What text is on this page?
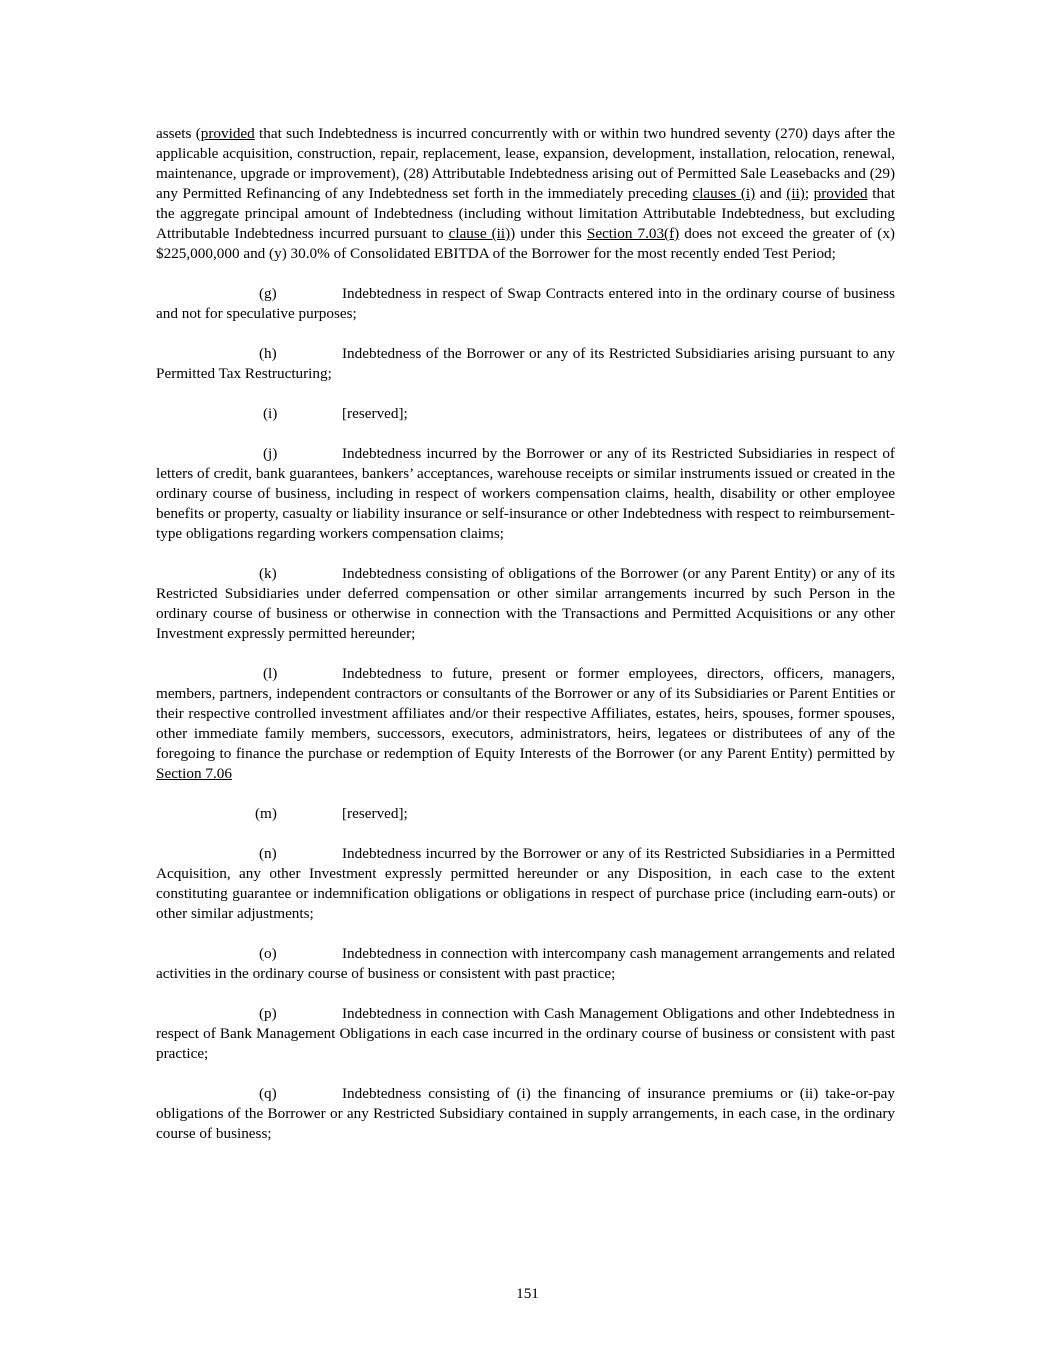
assets (provided that such Indebtedness is incurred concurrently with or within two hundred seventy (270) days after the applicable acquisition, construction, repair, replacement, lease, expansion, development, installation, relocation, renewal, maintenance, upgrade or improvement), (28) Attributable Indebtedness arising out of Permitted Sale Leasebacks and (29) any Permitted Refinancing of any Indebtedness set forth in the immediately preceding clauses (i) and (ii); provided that the aggregate principal amount of Indebtedness (including without limitation Attributable Indebtedness, but excluding Attributable Indebtedness incurred pursuant to clause (ii)) under this Section 7.03(f) does not exceed the greater of (x) $225,000,000 and (y) 30.0% of Consolidated EBITDA of the Borrower for the most recently ended Test Period;

(g)	Indebtedness in respect of Swap Contracts entered into in the ordinary course of business and not for speculative purposes;

(h)	Indebtedness of the Borrower or any of its Restricted Subsidiaries arising pursuant to any Permitted Tax Restructuring;

(i)	[reserved];

(j)	Indebtedness incurred by the Borrower or any of its Restricted Subsidiaries in respect of letters of credit, bank guarantees, bankers’ acceptances, warehouse receipts or similar instruments issued or created in the ordinary course of business, including in respect of workers compensation claims, health, disability or other employee benefits or property, casualty or liability insurance or self-insurance or other Indebtedness with respect to reimbursement-type obligations regarding workers compensation claims;

(k)	Indebtedness consisting of obligations of the Borrower (or any Parent Entity) or any of its Restricted Subsidiaries under deferred compensation or other similar arrangements incurred by such Person in the ordinary course of business or otherwise in connection with the Transactions and Permitted Acquisitions or any other Investment expressly permitted hereunder;

(l)	Indebtedness to future, present or former employees, directors, officers, managers, members, partners, independent contractors or consultants of the Borrower or any of its Subsidiaries or Parent Entities or their respective controlled investment affiliates and/or their respective Affiliates, estates, heirs, spouses, former spouses, other immediate family members, successors, executors, administrators, heirs, legatees or distributees of any of the foregoing to finance the purchase or redemption of Equity Interests of the Borrower (or any Parent Entity) permitted by Section 7.06

(m)	[reserved];

(n)	Indebtedness incurred by the Borrower or any of its Restricted Subsidiaries in a Permitted Acquisition, any other Investment expressly permitted hereunder or any Disposition, in each case to the extent constituting guarantee or indemnification obligations or obligations in respect of purchase price (including earn-outs) or other similar adjustments;

(o)	Indebtedness in connection with intercompany cash management arrangements and related activities in the ordinary course of business or consistent with past practice;

(p)	Indebtedness in connection with Cash Management Obligations and other Indebtedness in respect of Bank Management Obligations in each case incurred in the ordinary course of business or consistent with past practice;

(q)	Indebtedness consisting of (i) the financing of insurance premiums or (ii) take-or-pay obligations of the Borrower or any Restricted Subsidiary contained in supply arrangements, in each case, in the ordinary course of business;

151
